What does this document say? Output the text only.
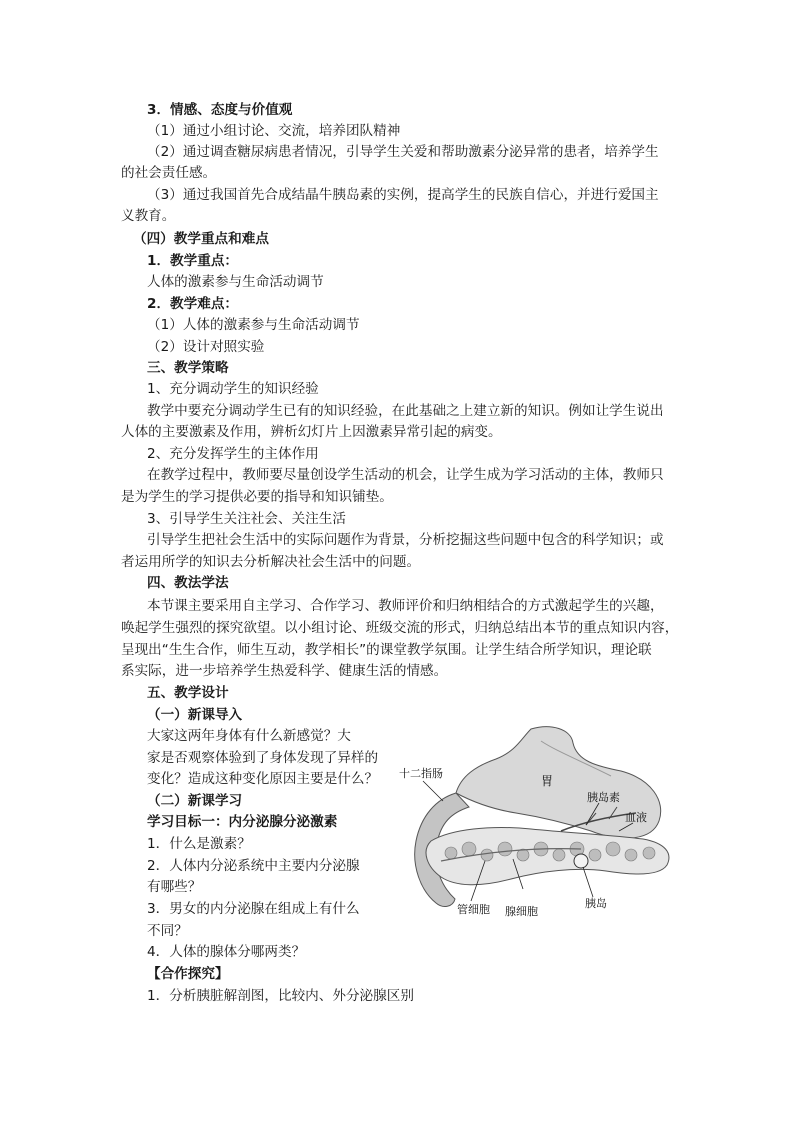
3．情感、态度与价值观
（1）通过小组讨论、交流，培养团队精神
（2）通过调查糖尿病患者情况，引导学生关爱和帮助激素分泌异常的患者，培养学生
的社会责任感。
（3）通过我国首先合成结晶牛胰岛素的实例，提高学生的民族自信心，并进行爱国主
义教育。
（四）教学重点和难点
1．教学重点：
人体的激素参与生命活动调节
2．教学难点：
（1）人体的激素参与生命活动调节
（2）设计对照实验
三、教学策略
1、充分调动学生的知识经验
教学中要充分调动学生已有的知识经验，在此基础之上建立新的知识。例如让学生说出
人体的主要激素及作用，辨析幻灯片上因激素异常引起的病变。
2、充分发挥学生的主体作用
在教学过程中，教师要尽量创设学生活动的机会，让学生成为学习活动的主体，教师只
是为学生的学习提供必要的指导和知识铺垫。
3、引导学生关注社会、关注生活
引导学生把社会生活中的实际问题作为背景，分析挖掘这些问题中包含的科学知识；或
者运用所学的知识去分析解决社会生活中的问题。
四、教法学法
本节课主要采用自主学习、合作学习、教师评价和归纳相结合的方式激起学生的兴趣，
唤起学生强烈的探究欲望。以小组讨论、班级交流的形式，归纳总结出本节的重点知识内容，
呈现出“生生合作，师生互动，教学相长”的课堂教学氛围。让学生结合所学知识，理论联
系实际，进一步培养学生热爱科学、健康生活的情感。
五、教学设计
（一）新课导入
大家这两年身体有什么新感觉？大
家是否观察体验到了身体发现了异样的
变化？造成这种变化原因主要是什么？
（二）新课学习
学习目标一：内分泌腺分泌激素
1．什么是激素？
2．人体内分泌系统中主要内分泌腺
有哪些？
3．男女的内分泌腺在组成上有什么
不同？
4．人体的腺体分哪两类？
【合作探究】
1．分析胰脏解剖图，比较内、外分泌腺区别
十二指肠
胃
胰岛素
血液
胰岛
管细胞 腺细胞
